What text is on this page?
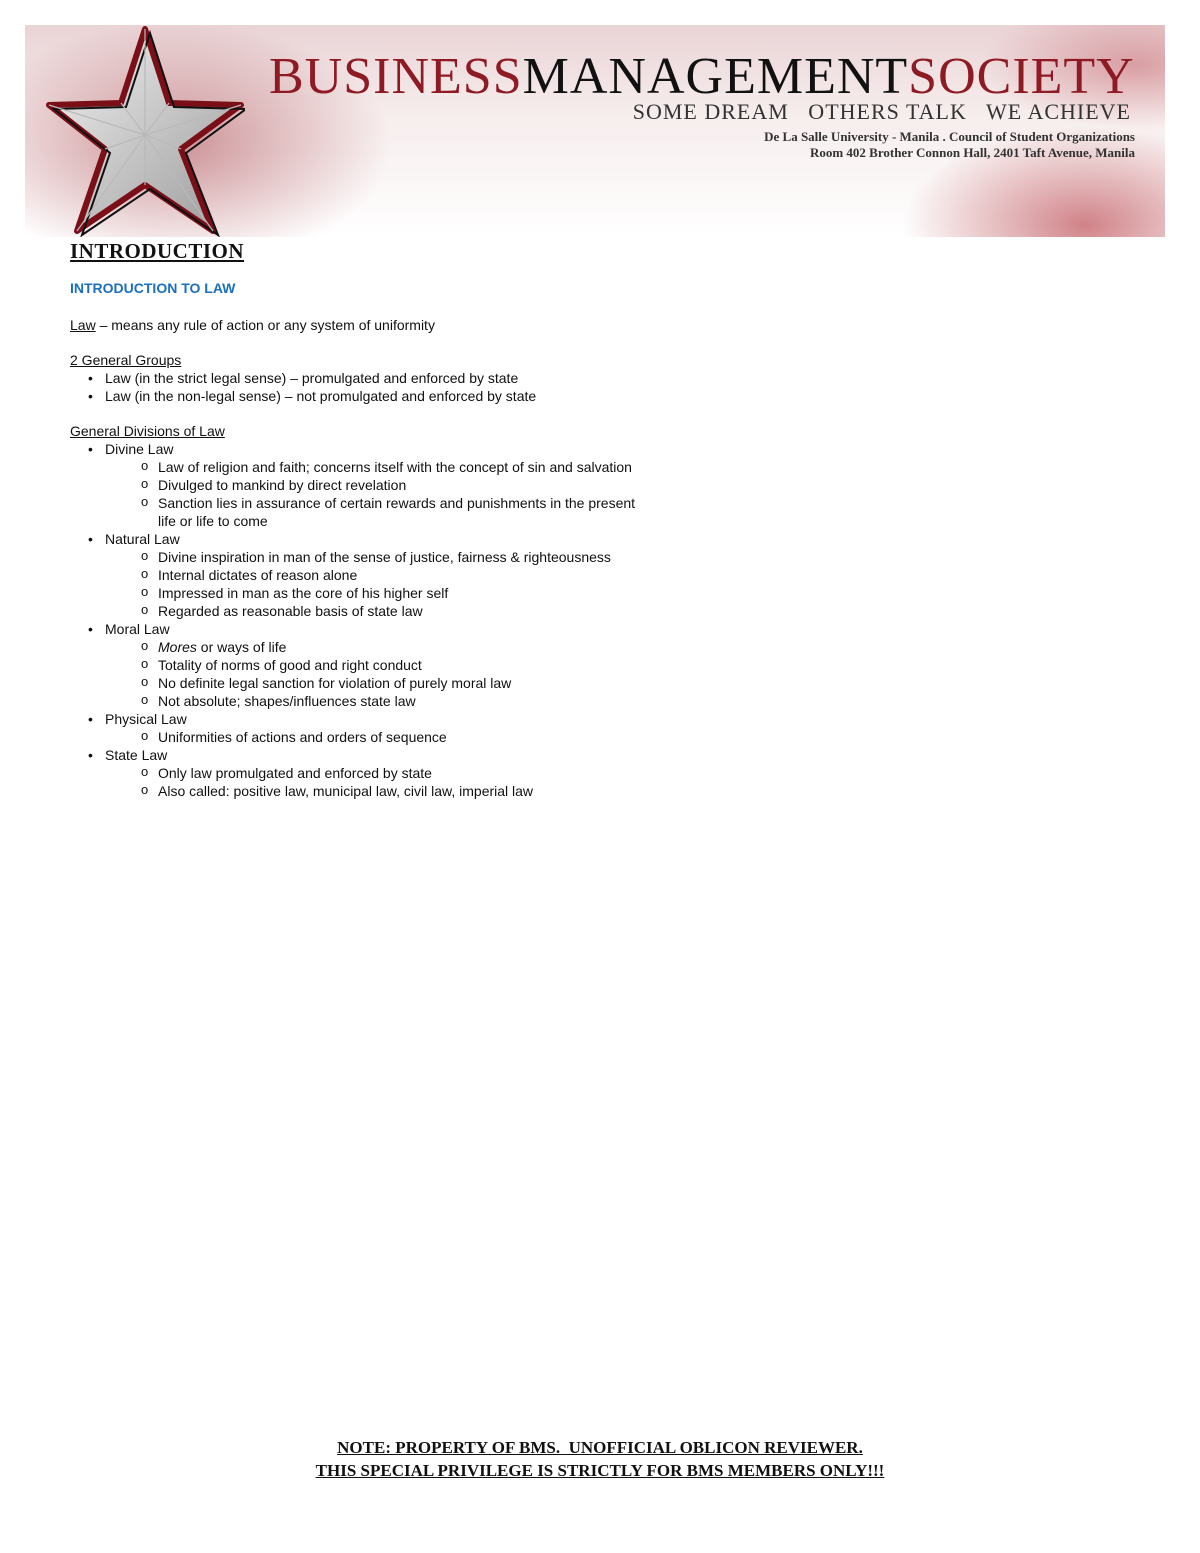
BUSINESSMANAGEMENTSOCIETY
SOME DREAM   OTHERS TALK   WE ACHIEVE
De La Salle University - Manila . Council of Student Organizations
Room 402 Brother Connon Hall, 2401 Taft Avenue, Manila
INTRODUCTION
INTRODUCTION TO LAW
Law – means any rule of action or any system of uniformity
2 General Groups
• Law (in the strict legal sense) – promulgated and enforced by state
• Law (in the non-legal sense) – not promulgated and enforced by state
General Divisions of Law
• Divine Law
o Law of religion and faith; concerns itself with the concept of sin and salvation
o Divulged to mankind by direct revelation
o Sanction lies in assurance of certain rewards and punishments in the present life or life to come
• Natural Law
o Divine inspiration in man of the sense of justice, fairness & righteousness
o Internal dictates of reason alone
o Impressed in man as the core of his higher self
o Regarded as reasonable basis of state law
• Moral Law
o Mores or ways of life
o Totality of norms of good and right conduct
o No definite legal sanction for violation of purely moral law
o Not absolute; shapes/influences state law
• Physical Law
o Uniformities of actions and orders of sequence
• State Law
o Only law promulgated and enforced by state
o Also called: positive law, municipal law, civil law, imperial law
NOTE: PROPERTY OF BMS.  UNOFFICIAL OBLICON REVIEWER.
THIS SPECIAL PRIVILEGE IS STRICTLY FOR BMS MEMBERS ONLY!!!
